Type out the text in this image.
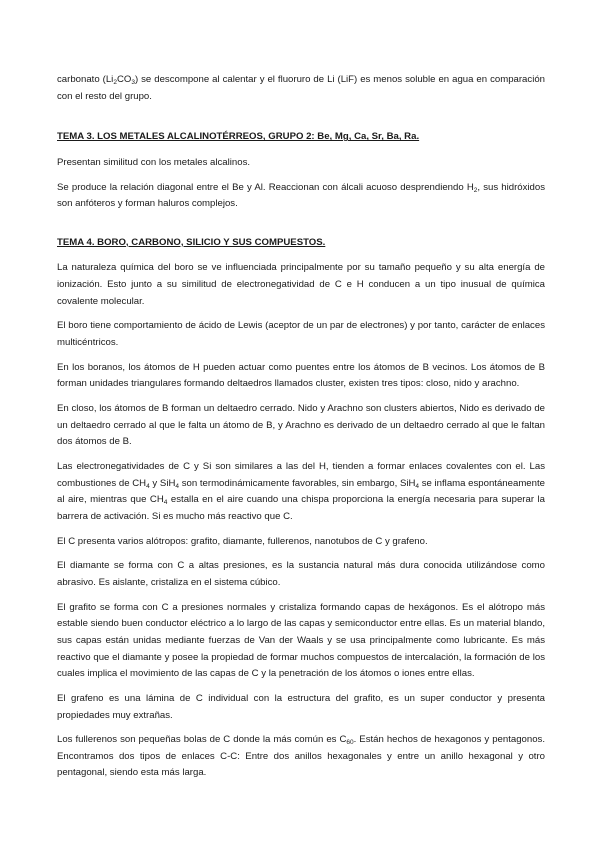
carbonato $(Li_2CO_3)$ se descompone al calentar y el fluoruro de Li (LiF) es menos soluble en agua en comparación con el resto del grupo.

TEMA 3. LOS METALES ALCALINOTÉRREOS, GRUPO 2: Be, Mg, Ca, Sr, Ba, Ra.

Presentan similitud con los metales alcalinos.

Se produce la relación diagonal entre el Be y Al. Reaccionan con álcali acuoso desprendiendo $H_2$, sus hidróxidos son anfóteros y forman haluros complejos.

TEMA 4. BORO, CARBONO, SILICIO Y SUS COMPUESTOS.

La naturaleza química del boro se ve influenciada principalmente por su tamaño pequeño y su alta energía de ionización. Esto junto a su similitud de electronegatividad de C e H conducen a un tipo inusual de química covalente molecular.

El boro tiene comportamiento de ácido de Lewis (aceptor de un par de electrones) y por tanto, carácter de enlaces multicéntricos.

En los boranos, los átomos de H pueden actuar como puentes entre los átomos de B vecinos. Los átomos de B forman unidades triangulares formando deltaedros llamados cluster, existen tres tipos: closo, nido y arachno.

En closo, los átomos de B forman un deltaedro cerrado. Nido y Arachno son clusters abiertos, Nido es derivado de un deltaedro cerrado al que le falta un átomo de B, y Arachno es derivado de un deltaedro cerrado al que le faltan dos átomos de B.

Las electronegatividades de C y Si son similares a las del H, tienden a formar enlaces covalentes con el. Las combustiones de $CH_4$ y SiH$_4$ son termodinámicamente favorables, sin embargo, SiH$_4$ se inflama espontáneamente al aire, mientras que $CH_4$ estalla en el aire cuando una chispa proporciona la energía necesaria para superar la barrera de activación. Si es mucho más reactivo que C.

El C presenta varios alótropos: grafito, diamante, fullerenos, nanotubos de C y grafeno.

El diamante se forma con C a altas presiones, es la sustancia natural más dura conocida utilizándose como abrasivo. Es aislante, cristaliza en el sistema cúbico.

El grafito se forma con C a presiones normales y cristaliza formando capas de hexágonos. Es el alótropo más estable siendo buen conductor eléctrico a lo largo de las capas y semiconductor entre ellas. Es un material blando, sus capas están unidas mediante fuerzas de Van der Waals y se usa principalmente como lubricante. Es más reactivo que el diamante y posee la propiedad de formar muchos compuestos de intercalación, la formación de los cuales implica el movimiento de las capas de C y la penetración de los átomos o iones entre ellas.

El grafeno es una lámina de C individual con la estructura del grafito, es un super conductor y presenta propiedades muy extrañas.

Los fullerenos son pequeñas bolas de C donde la más común es $C_{60}$. Están hechos de hexagonos y pentagonos. Encontramos dos tipos de enlaces C-C: Entre dos anillos hexagonales y entre un anillo hexagonal y otro pentagonal, siendo esta más larga.
